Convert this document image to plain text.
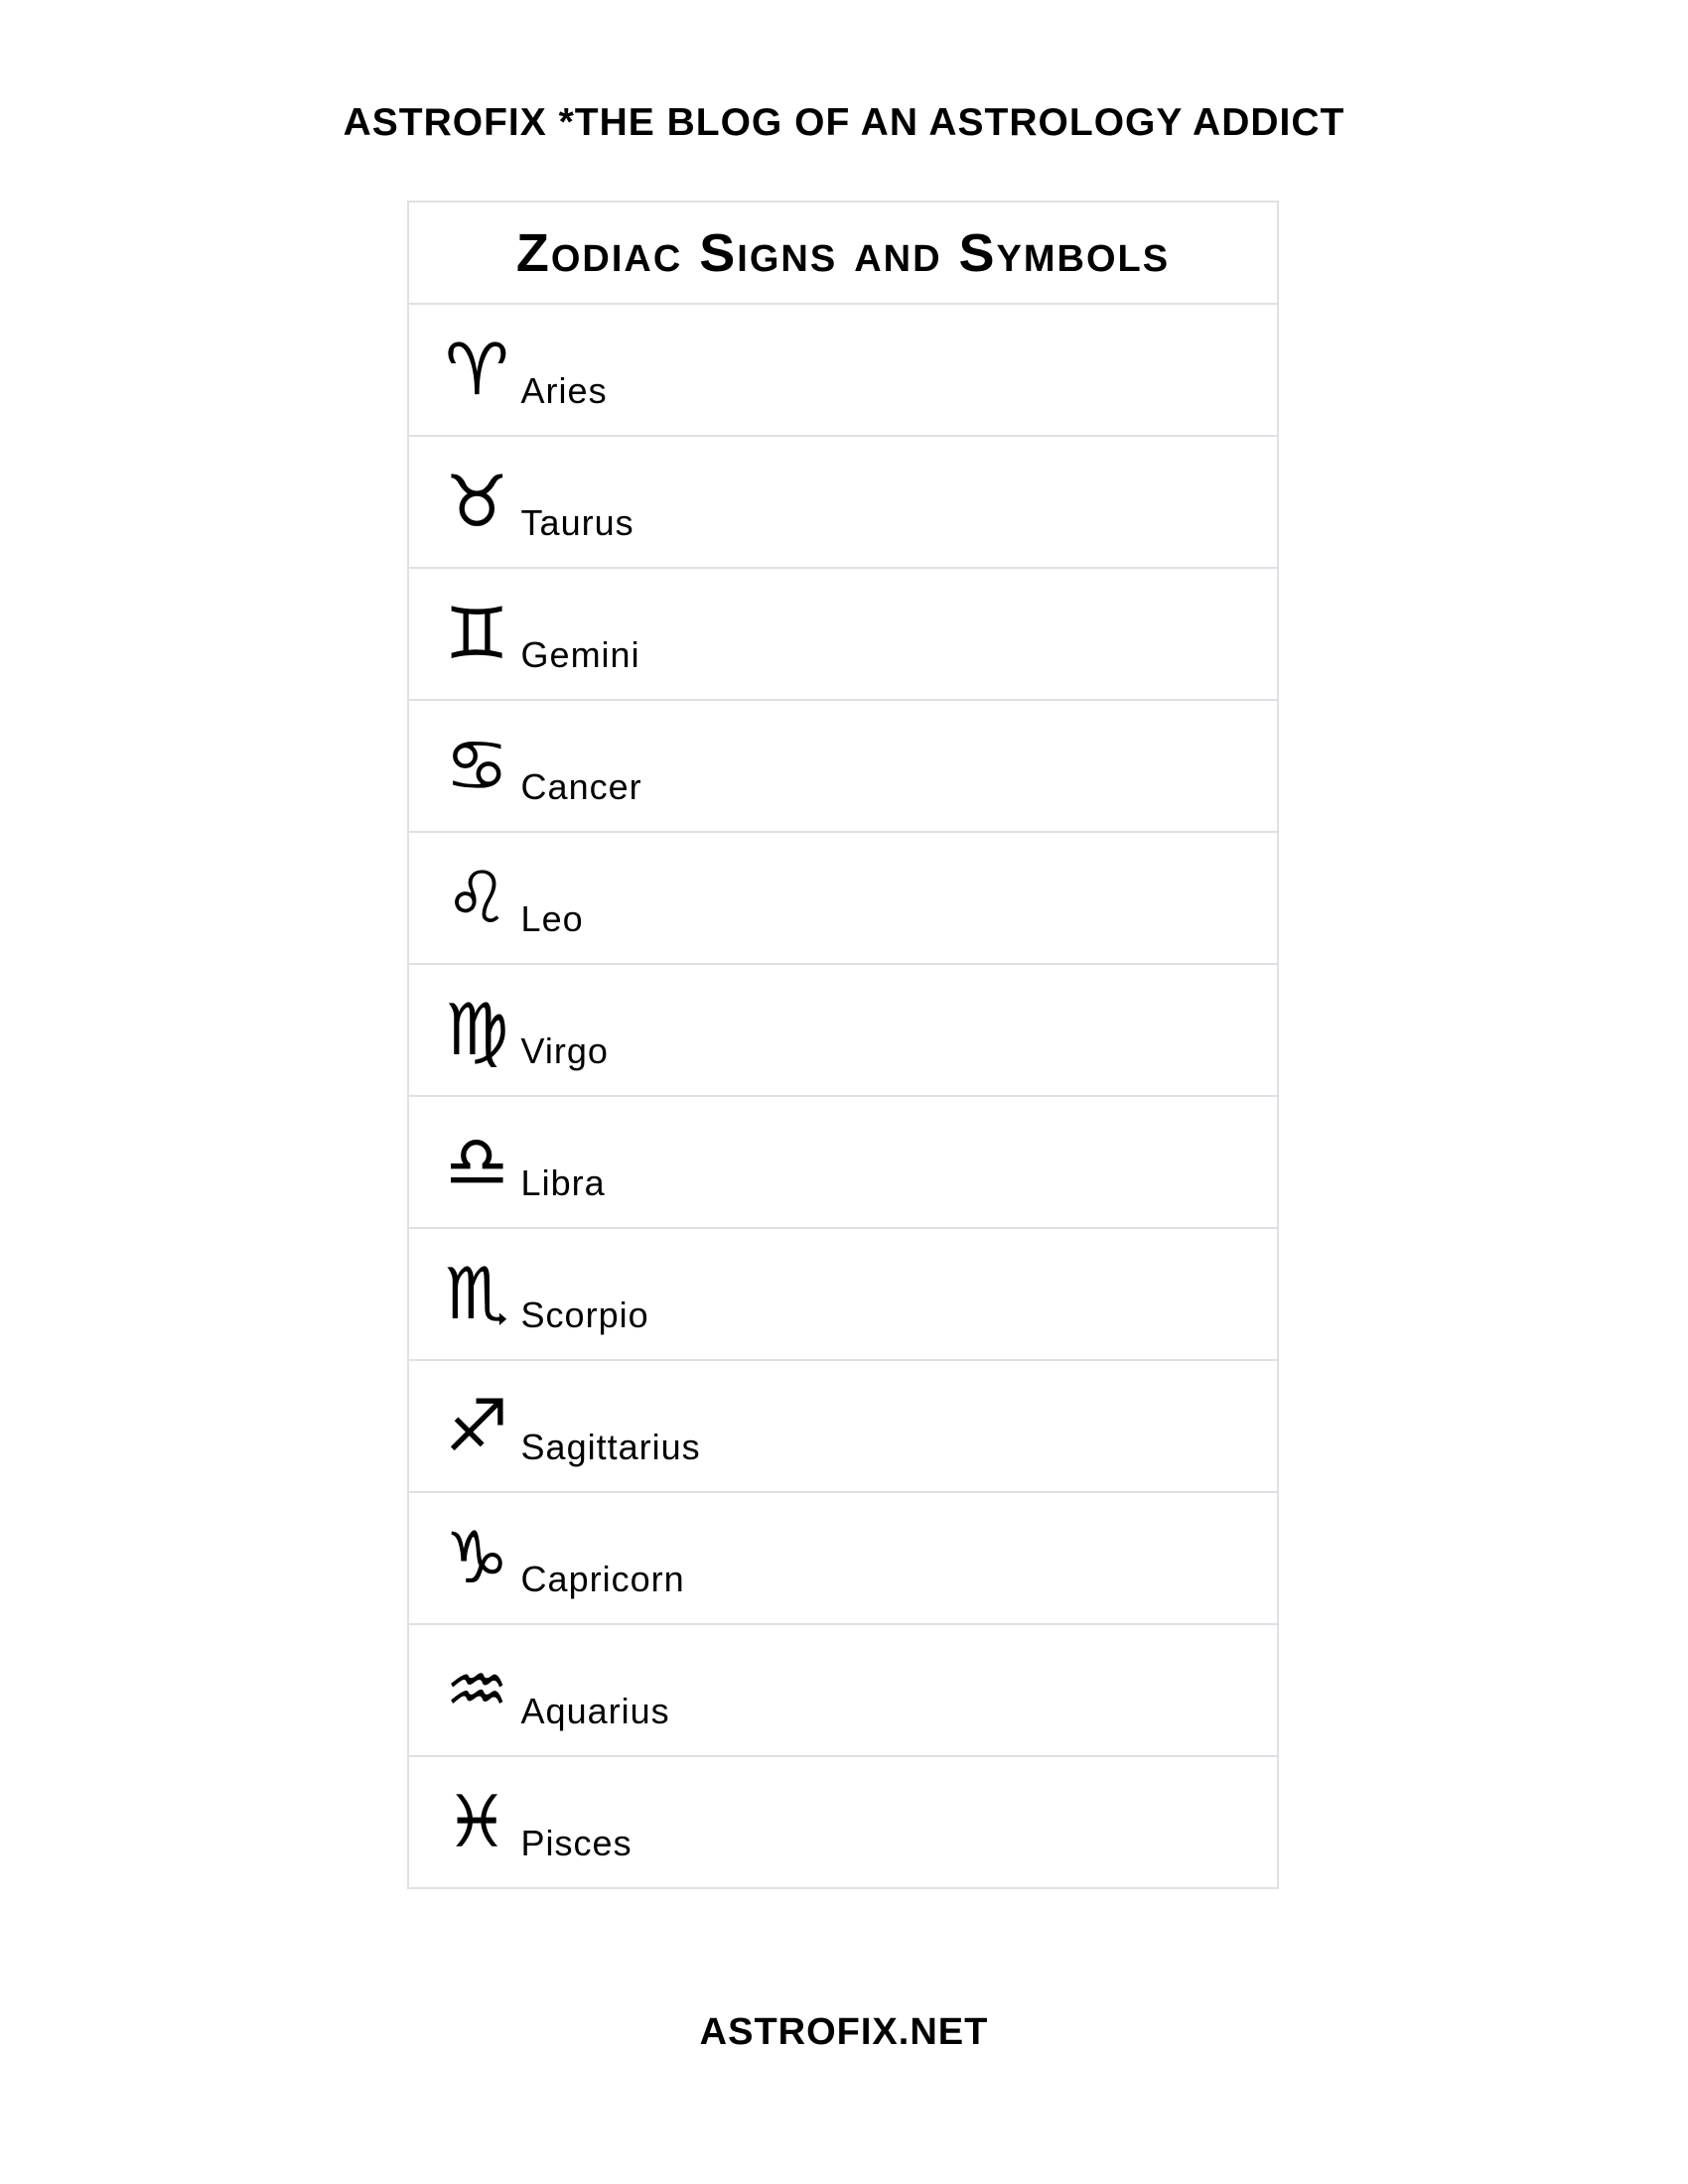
ASTROFIX *THE BLOG OF AN ASTROLOGY ADDICT
Zodiac Signs and Symbols
♈ Aries
♉ Taurus
♊ Gemini
♋ Cancer
♌ Leo
♍ Virgo
♎ Libra
♏ Scorpio
♐ Sagittarius
♑ Capricorn
♒ Aquarius
♓ Pisces
ASTROFIX.NET
